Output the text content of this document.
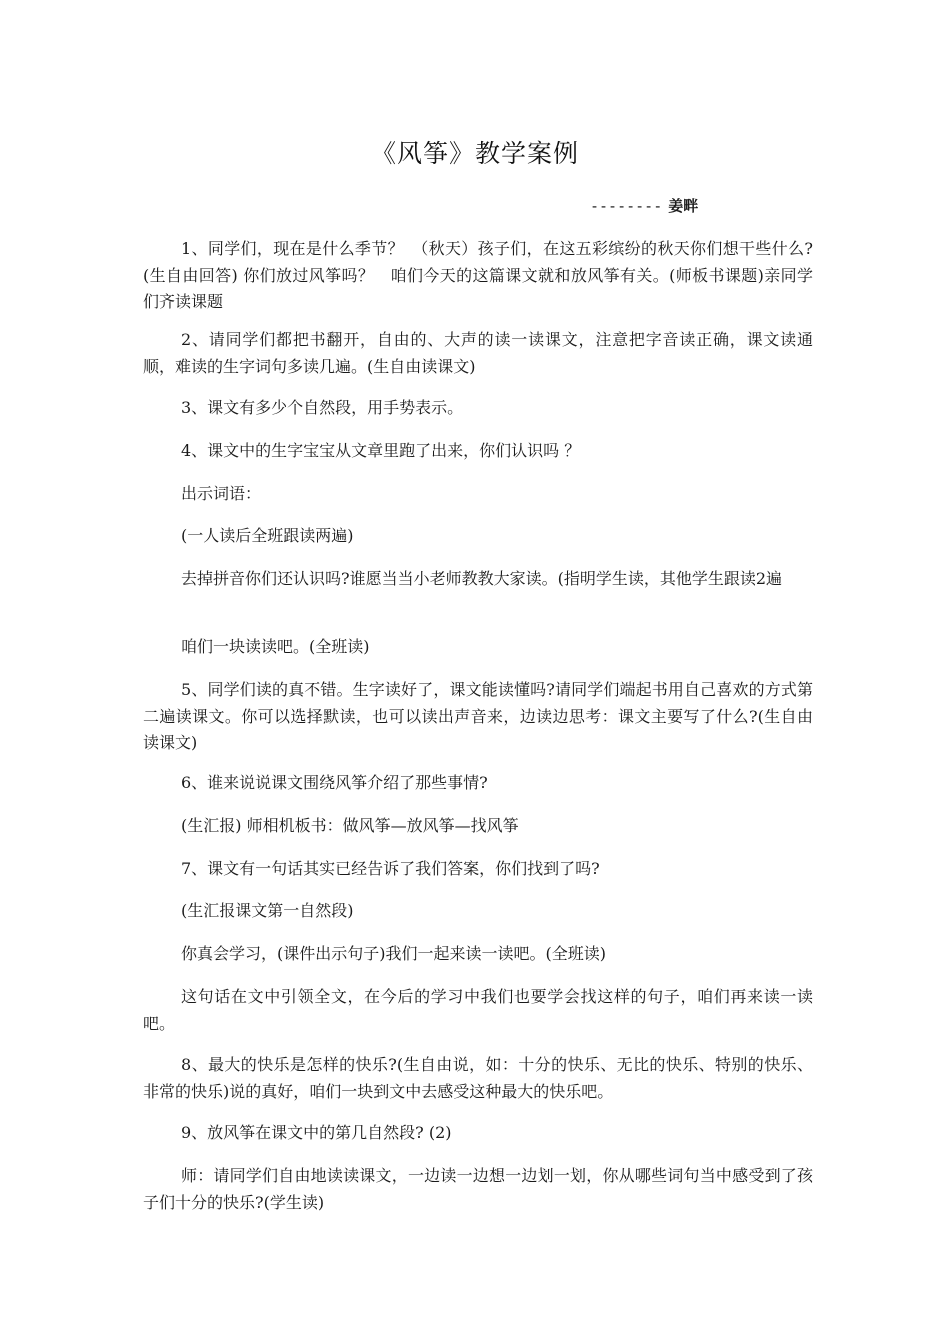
《风筝》教学案例
-------- 姜畔
1、同学们，现在是什么季节？　（秋天）孩子们，在这五彩缤纷的秋天你们想干些什么?(生自由回答) 你们放过风筝吗？　咱们今天的这篇课文就和放风筝有关。(师板书课题)亲同学们齐读课题
2、请同学们都把书翻开，自由的、大声的读一读课文，注意把字音读正确，课文读通顺，难读的生字词句多读几遍。(生自由读课文)
3、课文有多少个自然段，用手势表示。
4、课文中的生字宝宝从文章里跑了出来，你们认识吗 ？
出示词语：
(一人读后全班跟读两遍)
去掉拼音你们还认识吗?谁愿当当小老师教教大家读。(指明学生读，其他学生跟读2遍
咱们一块读读吧。(全班读)
5、同学们读的真不错。生字读好了，课文能读懂吗?请同学们端起书用自己喜欢的方式第二遍读课文。你可以选择默读，也可以读出声音来，边读边思考：课文主要写了什么?(生自由读课文)
6、谁来说说课文围绕风筝介绍了那些事情?
(生汇报) 师相机板书：做风筝—放风筝—找风筝
7、课文有一句话其实已经告诉了我们答案，你们找到了吗?
(生汇报课文第一自然段)
你真会学习，(课件出示句子)我们一起来读一读吧。(全班读)
这句话在文中引领全文，在今后的学习中我们也要学会找这样的句子，咱们再来读一读吧。
8、最大的快乐是怎样的快乐?(生自由说，如：十分的快乐、无比的快乐、特别的快乐、非常的快乐)说的真好，咱们一块到文中去感受这种最大的快乐吧。
9、放风筝在课文中的第几自然段? (2)
师：请同学们自由地读读课文，一边读一边想一边划一划，你从哪些词句当中感受到了孩子们十分的快乐?(学生读)
